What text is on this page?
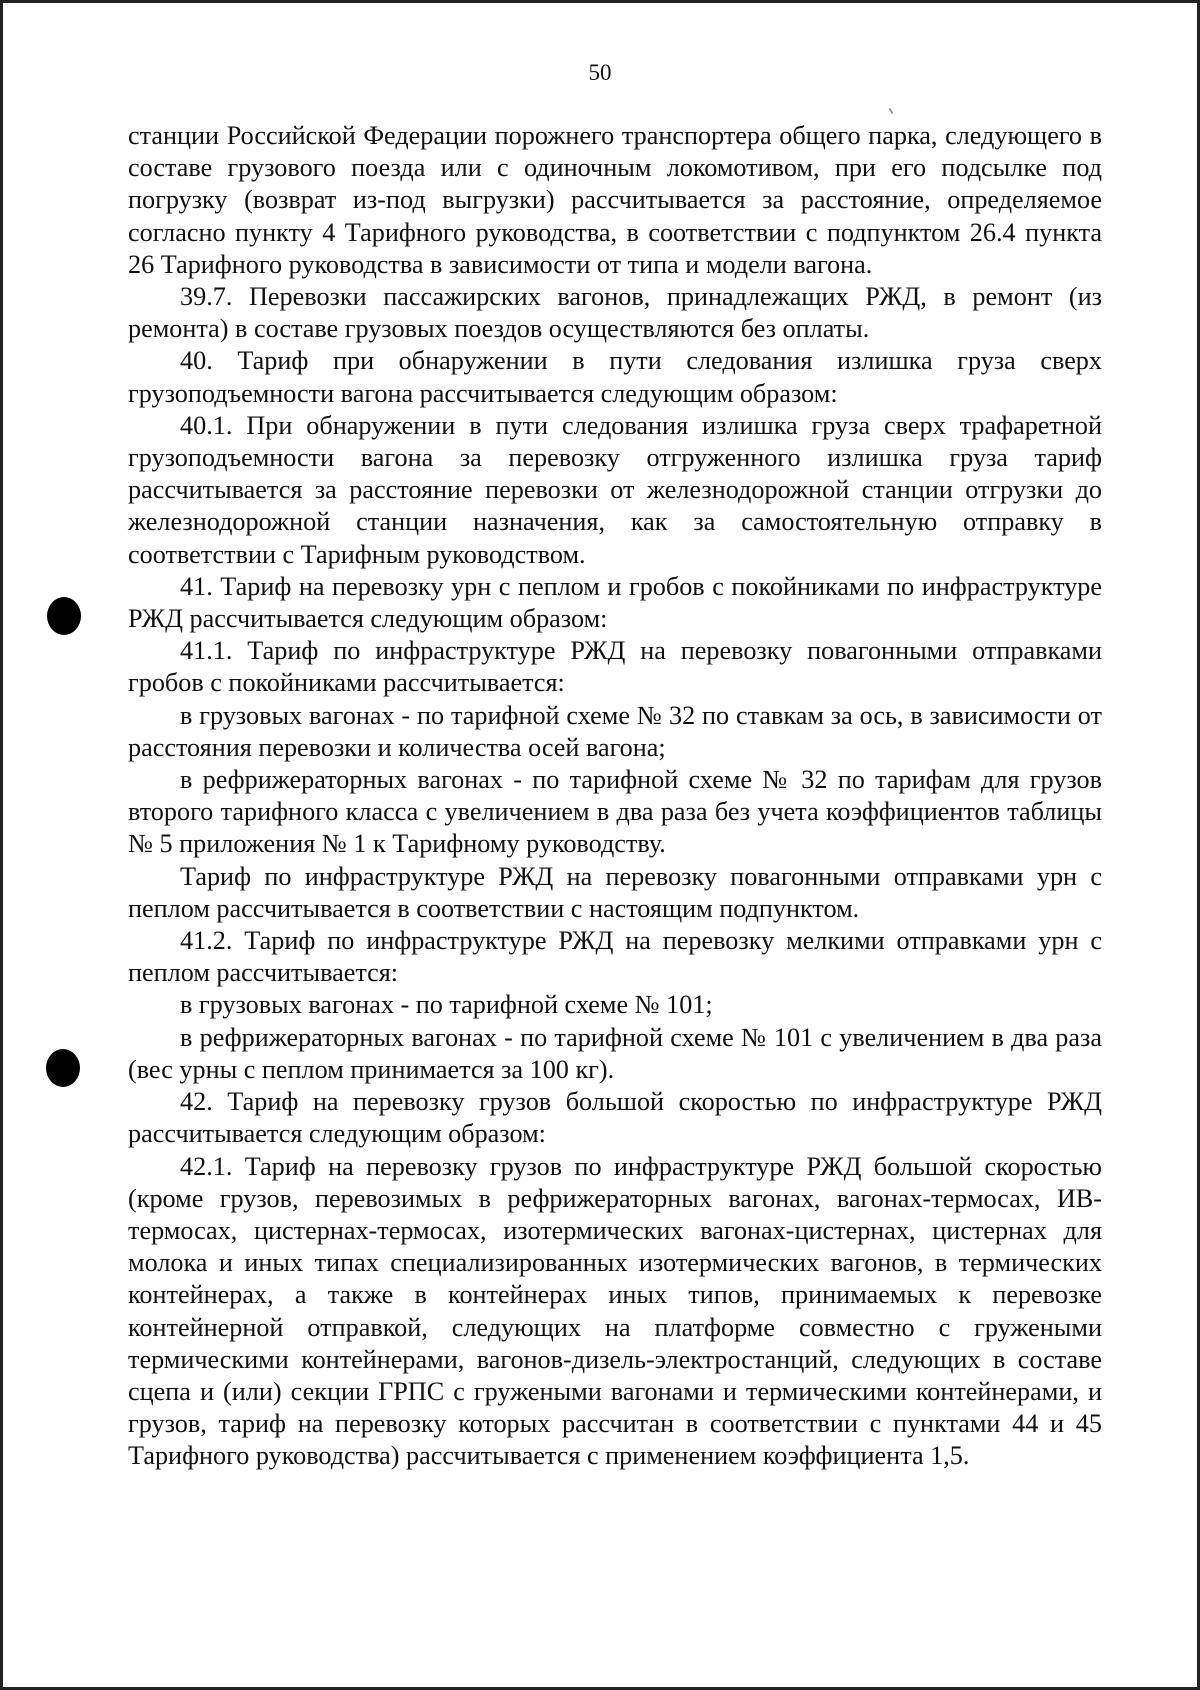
50

станции Российской Федерации порожнего транспортера общего парка, следующего в составе грузового поезда или с одиночным локомотивом, при его подсылке под погрузку (возврат из-под выгрузки) рассчитывается за расстояние, определяемое согласно пункту 4 Тарифного руководства, в соответствии с подпунктом 26.4 пункта 26 Тарифного руководства в зависимости от типа и модели вагона.

39.7. Перевозки пассажирских вагонов, принадлежащих РЖД, в ремонт (из ремонта) в составе грузовых поездов осуществляются без оплаты.

40. Тариф при обнаружении в пути следования излишка груза сверх грузоподъемности вагона рассчитывается следующим образом:

40.1. При обнаружении в пути следования излишка груза сверх трафаретной грузоподъемности вагона за перевозку отгруженного излишка груза тариф рассчитывается за расстояние перевозки от железнодорожной станции отгрузки до железнодорожной станции назначения, как за самостоятельную отправку в соответствии с Тарифным руководством.

41. Тариф на перевозку урн с пеплом и гробов с покойниками по инфраструктуре РЖД рассчитывается следующим образом:

41.1. Тариф по инфраструктуре РЖД на перевозку повагонными отправками гробов с покойниками рассчитывается:

в грузовых вагонах - по тарифной схеме № 32 по ставкам за ось, в зависимости от расстояния перевозки и количества осей вагона;

в рефрижераторных вагонах - по тарифной схеме № 32 по тарифам для грузов второго тарифного класса с увеличением в два раза без учета коэффициентов таблицы № 5 приложения № 1 к Тарифному руководству.

Тариф по инфраструктуре РЖД на перевозку повагонными отправками урн с пеплом рассчитывается в соответствии с настоящим подпунктом.

41.2. Тариф по инфраструктуре РЖД на перевозку мелкими отправками урн с пеплом рассчитывается:

в грузовых вагонах - по тарифной схеме № 101;

в рефрижераторных вагонах - по тарифной схеме № 101 с увеличением в два раза (вес урны с пеплом принимается за 100 кг).

42. Тариф на перевозку грузов большой скоростью по инфраструктуре РЖД рассчитывается следующим образом:

42.1. Тариф на перевозку грузов по инфраструктуре РЖД большой скоростью (кроме грузов, перевозимых в рефрижераторных вагонах, вагонах-термосах, ИВ-термосах, цистернах-термосах, изотермических вагонах-цистернах, цистернах для молока и иных типах специализированных изотермических вагонов, в термических контейнерах, а также в контейнерах иных типов, принимаемых к перевозке контейнерной отправкой, следующих на платформе совместно с гружеными термическими контейнерами, вагонов-дизель-электростанций, следующих в составе сцепа и (или) секции ГРПС с гружеными вагонами и термическими контейнерами, и грузов, тариф на перевозку которых рассчитан в соответствии с пунктами 44 и 45 Тарифного руководства) рассчитывается с применением коэффициента 1,5.
